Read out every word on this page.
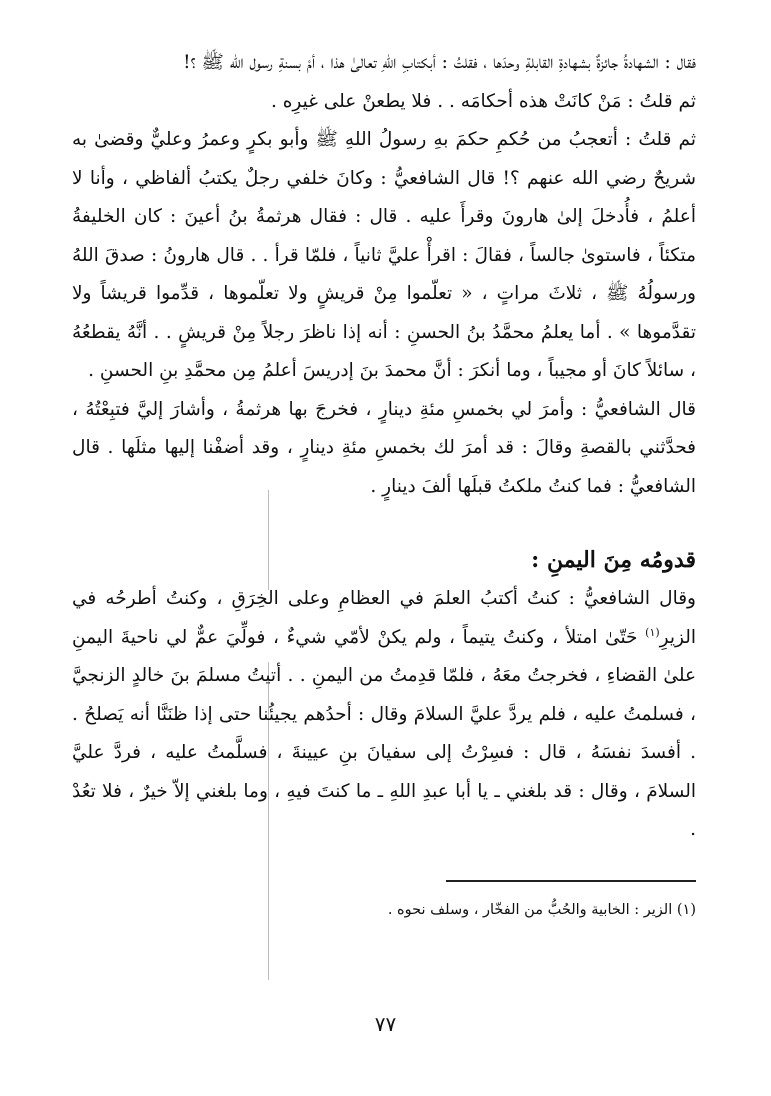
فقال : الشهادةُ جائزةٌ بشهادةِ القابلةِ وحدَها ، فقلتُ : أبكتابِ اللهِ تعالىٰ هذا ، أمْ بسنةِ رسول الله ﷺ ؟!

ثم قلتُ : مَنْ كانَتْ هذه أحكامَه . . فلا يطعنْ على غيرِه .

ثم قلتُ : أتعجبُ من حُكمِ حكمَ بهِ رسولُ اللهِ ﷺ وأبو بكرٍ وعمرُ وعليٌّ وقضىٰ به شريحٌ رضي الله عنهم ؟! قال الشافعيُّ : وكانَ خلفي رجلٌ يكتبُ ألفاظي ، وأنا لا أعلمُ ، فأُدخلَ إلىٰ هارونَ وقرأَ عليه . قال : فقال هرثمةُ بنُ أعينَ : كان الخليفةُ متكئاً ، فاستوىٰ جالساً ، فقالَ : اقرأْ عليَّ ثانياً ، فلمّا قرأ . . قال هارونُ : صدقَ اللهُ ورسولُهُ ﷺ ، ثلاثَ مراتٍ ، « تعلّموا مِنْ قريشٍ ولا تعلّموها ، قدِّموا قريشاً ولا تقدَّموها » . أما يعلمُ محمَّدُ بنُ الحسنِ : أنه إذا ناظرَ رجلاً مِنْ قريشٍ . . أنَّهُ يقطعُهُ ، سائلاً كانَ أو مجيباً ، وما أنكرَ : أنَّ محمدَ بنَ إدريسَ أعلمُ مِن محمَّدِ بنِ الحسنِ .

قال الشافعيُّ : وأمرَ لي بخمسِ مئةِ دينارٍ ، فخرجَ بها هرثمةُ ، وأشارَ إليَّ فتبِعْتُهُ ، فحدَّثني بالقصةِ وقالَ : قد أمرَ لك بخمسِ مئةِ دينارٍ ، وقد أضفْنا إليها مثلَها . قال الشافعيُّ : فما كنتُ ملكتُ قبلَها ألفَ دينارٍ .

قدومُه مِنَ اليمنِ :

وقال الشافعيُّ : كنتُ أكتبُ العلمَ في العظامِ وعلى الخِرَقِ ، وكنتُ أطرحُه في الزيرِ$^{(١)}$ حَتّىٰ امتلأ ، وكنتُ يتيماً ، ولم يكنْ لأمّي شيءٌ ، فولِّيَ عمٌّ لي ناحيةَ اليمنِ علىٰ القضاءِ ، فخرجتُ معَهُ ، فلمّا قدِمتُ من اليمنِ . . أتيتُ مسلمَ بنَ خالدٍ الزنجيَّ ، فسلمتُ عليه ، فلم يردَّ عليَّ السلامَ وقال : أحدُهم يجيئُنا حتى إذا ظنَنَّا أنه يَصلحُ . . أفسدَ نفسَهُ ، قال : فسِرْتُ إلى سفيانَ بنِ عيينةَ ، فسلَّمتُ عليه ، فردَّ عليَّ السلامَ ، وقال : قد بلغني ـ يا أبا عبدِ اللهِ ـ ما كنتَ فيهِ ، وما بلغني إلاّ خيرٌ ، فلا تعُدْ .

(١) الزير : الخابية والحُبُّ من الفخّار ، وسلف نحوه .

٧٧
